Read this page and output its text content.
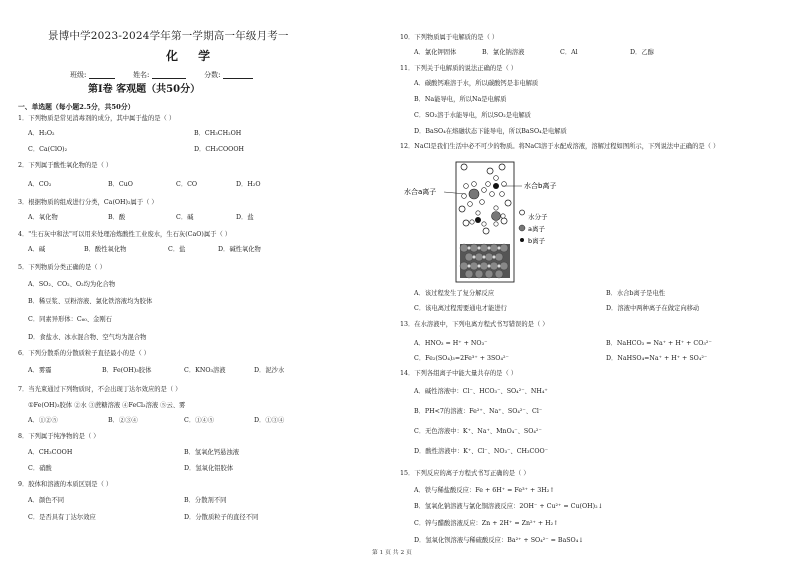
景博中学2023-2024学年第一学期高一年级月考一
化 学
班级:	姓名:	分数:
第Ⅰ卷 客观题（共50分）
一、单选题（每小题2.5分，共50分）
1．下列物质是常见消毒剂的成分，其中属于盐的是（ ）
A．H₂O₂	B．CH₃CH₂OH
C．Ca(ClO)₂	D．CH₃COOOH
2．下列属于酸性氧化物的是（ ）
A．CO₂	B．CuO	C．CO	D．H₂O
3．根据物质的组成进行分类，Ca(OH)₂属于（ ）
A．氧化物	B．酸	C．碱	D．盐
4．"生石灰中和法"可以用来处理冶炼酸性工业废水，生石灰(CaO)属于（ ）
A．碱	B．酸性氧化物	C．盐	D．碱性氧化物
5．下列物质分类正确的是（ ）
A．SO₂、CO₂、O₂均为化合物
B．稀豆浆、豆粉溶液、氯化铁溶液均为胶体
C．同素异形体：C₆₀、金刚石
D．食盐水、冰水混合物、空气均为混合物
6．下列分散系的分散质粒子直径最小的是（ ）
A．雾霾	B．Fe(OH)₃胶体	C．KNO₃溶液	D．泥沙水
7．当光束通过下列物质时，不会出现丁达尔效应的是（ ）
①Fe(OH)₃胶体 ②水 ③蔗糖溶液 ④FeCl₃溶液 ⑤云、雾
A．①②⑤	B．②③④	C．①④⑤	D．①③④
8．下列属于纯净物的是（ ）
A．CH₃COOH	B．氢氧化钙悬浊液
C．硝酸	D．氢氧化铝胶体
9．胶体和溶液的本质区别是（ ）
A．颜色不同	B．分散剂不同
C．是否具有丁达尔效应	D．分散质粒子的直径不同
10．下列物质属于电解质的是（ ）
A．氯化钾固体	B．氯化钠溶液	C．Al	D．乙醇
11．下列关于电解质的说法正确的是（ ）
A．碳酸钙难溶于水，所以碳酸钙是非电解质
B．Na能导电，所以Na是电解质
C．SO₂溶于水能导电，所以SO₂是电解质
D．BaSO₄在熔融状态下能导电，所以BaSO₄是电解质
12．NaCl是我们生活中必不可少的物质。将NaCl溶于水配成溶液，溶解过程如图所示，下列说法中正确的是（ ）
水合a离子
水合b离子
水分子
a离子
b离子
A．该过程发生了复分解反应	B．水合b离子是电性
C．该电离过程需要通电才能进行	D．溶液中两种离子在做定向移动
13．在水溶液中，下列电离方程式书写错误的是（ ）
A．HNO₃ = H⁺ + NO₃⁻	B．NaHCO₃ = Na⁺ + H⁺ + CO₃²⁻
C．Fe₂(SO₄)₃=2Fe³⁺ + 3SO₄²⁻	D．NaHSO₄=Na⁺ + H⁺ + SO₄²⁻
14．下列各组离子中能大量共存的是（ ）
A．碱性溶液中：Cl⁻、HCO₃⁻、SO₄²⁻、NH₄⁺
B．PH<7的溶液：Fe²⁺、Na⁺、SO₄²⁻、Cl⁻
C．无色溶液中：K⁺、Na⁺、MnO₄⁻、SO₄²⁻
D．酸性溶液中：K⁺、Cl⁻、NO₃⁻、CH₃COO⁻
15．下列反应的离子方程式书写正确的是（ ）
A．铁与稀盐酸反应：Fe + 6H⁺ = Fe³⁺ + 3H₂↑
B．氢氧化钠溶液与氯化铜溶液反应：2OH⁻ + Cu²⁺ = Cu(OH)₂↓
C．锌与醋酸溶液反应：Zn + 2H⁺ = Zn²⁺ + H₂↑
D．氢氧化钡溶液与稀硫酸反应：Ba²⁺ + SO₄²⁻ = BaSO₄↓
第 1 页 共 2 页
